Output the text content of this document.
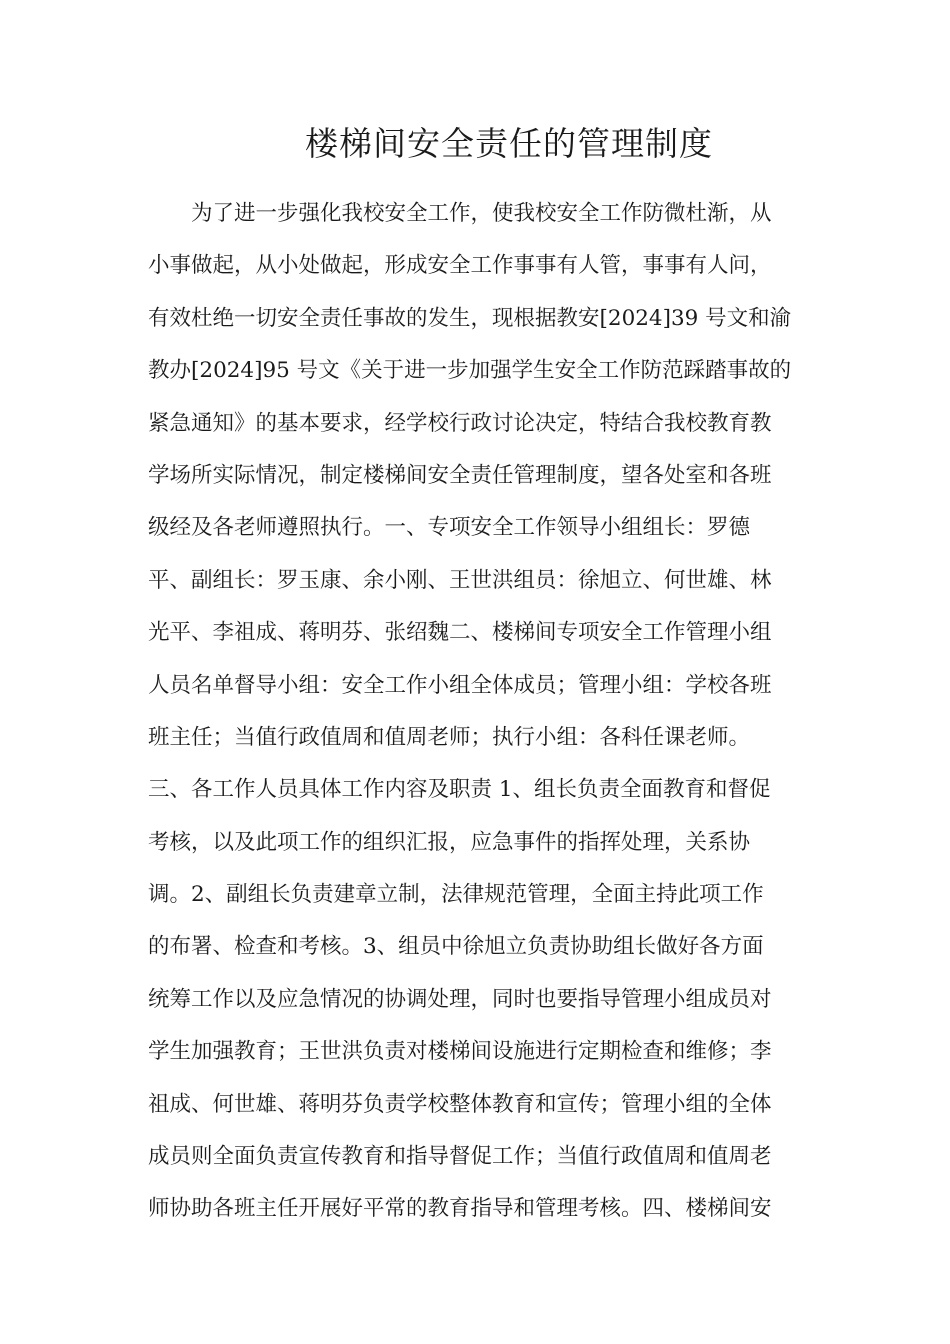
楼梯间安全责任的管理制度
为了进一步强化我校安全工作，使我校安全工作防微杜渐，从
小事做起，从小处做起，形成安全工作事事有人管，事事有人问，
有效杜绝一切安全责任事故的发生，现根据教安[2024]39 号文和渝
教办[2024]95 号文《关于进一步加强学生安全工作防范踩踏事故的
紧急通知》的基本要求，经学校行政讨论决定，特结合我校教育教
学场所实际情况，制定楼梯间安全责任管理制度，望各处室和各班
级经及各老师遵照执行。一、专项安全工作领导小组组长：罗德
平、副组长：罗玉康、余小刚、王世洪组员：徐旭立、何世雄、林
光平、李祖成、蒋明芬、张绍魏二、楼梯间专项安全工作管理小组
人员名单督导小组：安全工作小组全体成员；管理小组：学校各班
班主任；当值行政值周和值周老师；执行小组：各科任课老师。
三、各工作人员具体工作内容及职责 1、组长负责全面教育和督促
考核，以及此项工作的组织汇报，应急事件的指挥处理，关系协
调。2、副组长负责建章立制，法律规范管理，全面主持此项工作
的布署、检查和考核。3、组员中徐旭立负责协助组长做好各方面
统筹工作以及应急情况的协调处理，同时也要指导管理小组成员对
学生加强教育；王世洪负责对楼梯间设施进行定期检查和维修；李
祖成、何世雄、蒋明芬负责学校整体教育和宣传；管理小组的全体
成员则全面负责宣传教育和指导督促工作；当值行政值周和值周老
师协助各班主任开展好平常的教育指导和管理考核。四、楼梯间安
